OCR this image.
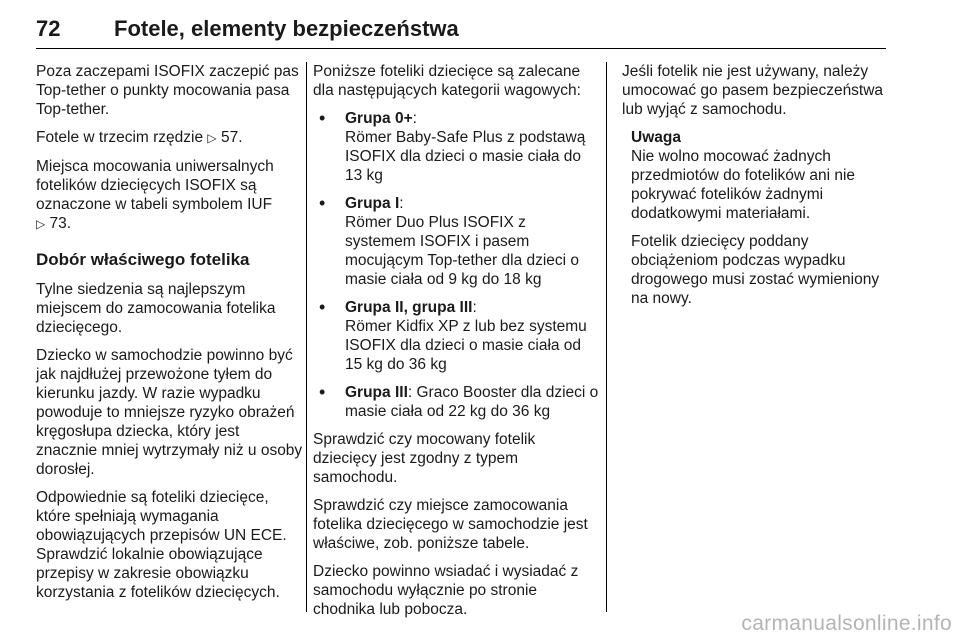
72 Fotele, elementy bezpieczeństwa

Poza zaczepami ISOFIX zaczepić pas Top-tether o punkty mocowania pasa Top-tether.

Fotele w trzecim rzędzie ▷ 57.

Miejsca mocowania uniwersalnych fotelików dziecięcych ISOFIX są oznaczone w tabeli symbolem IUF
▷ 73.

Dobór właściwego fotelika

Tylne siedzenia są najlepszym miejscem do zamocowania fotelika dziecięcego.

Dziecko w samochodzie powinno być jak najdłużej przewożone tyłem do kierunku jazdy. W razie wypadku powoduje to mniejsze ryzyko obrażeń kręgosłupa dziecka, który jest znacznie mniej wytrzymały niż u osoby dorosłej.

Odpowiednie są foteliki dziecięce, które spełniają wymagania obowiązujących przepisów UN ECE. Sprawdzić lokalnie obowiązujące przepisy w zakresie obowiązku korzystania z fotelików dziecięcych.

Poniższe foteliki dziecięce są zalecane dla następujących kategorii wagowych:

• Grupa 0+:
Römer Baby-Safe Plus z podstawą ISOFIX dla dzieci o masie ciała do 13 kg
• Grupa I:
Römer Duo Plus ISOFIX z systemem ISOFIX i pasem mocującym Top-tether dla dzieci o masie ciała od 9 kg do 18 kg
• Grupa II, grupa III:
Römer Kidfix XP z lub bez systemu ISOFIX dla dzieci o masie ciała od 15 kg do 36 kg
• Grupa III: Graco Booster dla dzieci o masie ciała od 22 kg do 36 kg

Sprawdzić czy mocowany fotelik dziecięcy jest zgodny z typem samochodu.

Sprawdzić czy miejsce zamocowania fotelika dziecięcego w samochodzie jest właściwe, zob. poniższe tabele.

Dziecko powinno wsiadać i wysiadać z samochodu wyłącznie po stronie chodnika lub pobocza.

Jeśli fotelik nie jest używany, należy umocować go pasem bezpieczeństwa lub wyjąć z samochodu.

Uwaga

Nie wolno mocować żadnych przedmiotów do fotelików ani nie pokrywać fotelików żadnymi dodatkowymi materiałami.

Fotelik dziecięcy poddany obciążeniom podczas wypadku drogowego musi zostać wymieniony na nowy.

carmanualsonline.info
